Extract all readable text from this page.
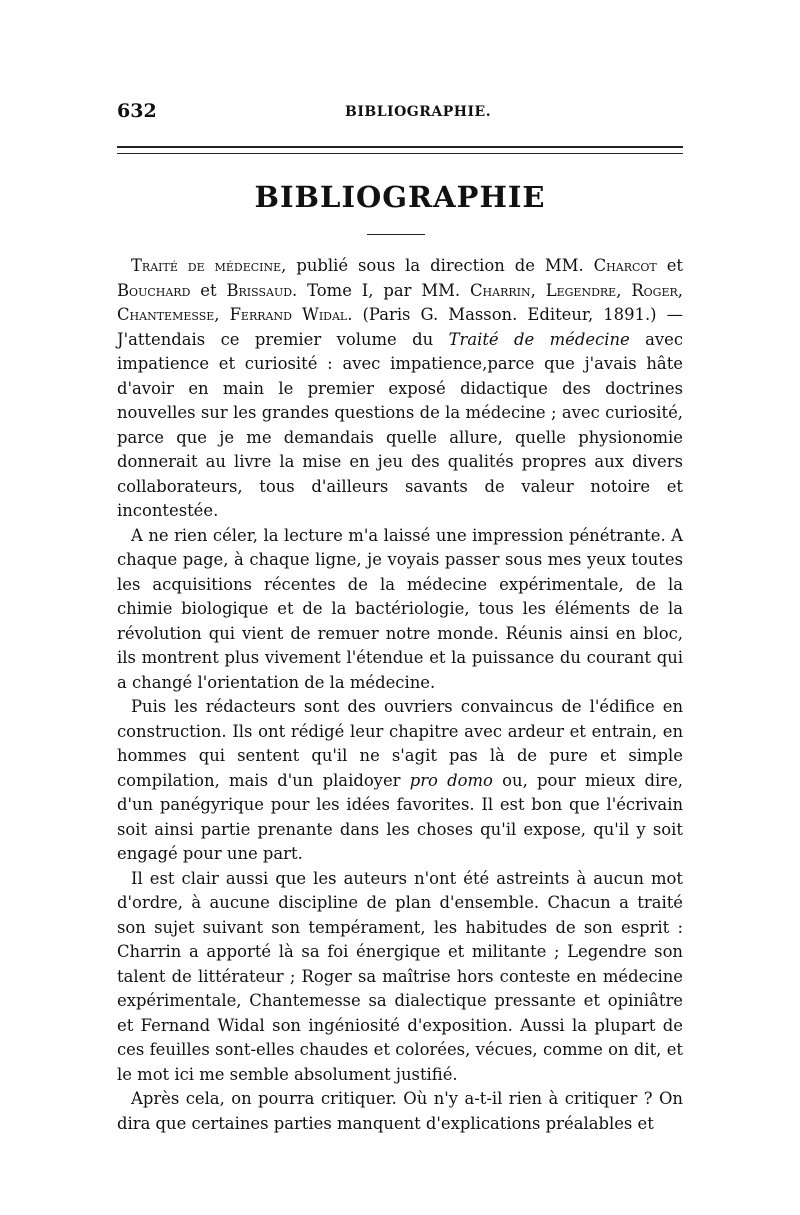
632	BIBLIOGRAPHIE.
BIBLIOGRAPHIE

Traité de médecine, publié sous la direction de MM. Charcot et Bouchard et Brissaud. Tome I, par MM. Charrin, Legendre, Roger, Chantemesse, Ferrand Widal. (Paris G. Masson. Editeur, 1891.) — J'attendais ce premier volume du Traité de médecine avec impatience et curiosité : avec impatience,parce que j'avais hâte d'avoir en main le premier exposé didactique des doctrines nouvelles sur les grandes questions de la médecine ; avec curiosité, parce que je me demandais quelle allure, quelle physionomie donnerait au livre la mise en jeu des qualités propres aux divers collaborateurs, tous d'ailleurs savants de valeur notoire et incontestée.

A ne rien céler, la lecture m'a laissé une impression pénétrante. A chaque page, à chaque ligne, je voyais passer sous mes yeux toutes les acquisitions récentes de la médecine expérimentale, de la chimie biologique et de la bactériologie, tous les éléments de la révolution qui vient de remuer notre monde. Réunis ainsi en bloc, ils montrent plus vivement l'étendue et la puissance du courant qui a changé l'orientation de la médecine.

Puis les rédacteurs sont des ouvriers convaincus de l'édifice en construction. Ils ont rédigé leur chapitre avec ardeur et entrain, en hommes qui sentent qu'il ne s'agit pas là de pure et simple compilation, mais d'un plaidoyer pro domo ou, pour mieux dire, d'un panégyrique pour les idées favorites. Il est bon que l'écrivain soit ainsi partie prenante dans les choses qu'il expose, qu'il y soit engagé pour une part.

Il est clair aussi que les auteurs n'ont été astreints à aucun mot d'ordre, à aucune discipline de plan d'ensemble. Chacun a traité son sujet suivant son tempérament, les habitudes de son esprit : Charrin a apporté là sa foi énergique et militante ; Legendre son talent de littérateur ; Roger sa maîtrise hors conteste en médecine expérimentale, Chantemesse sa dialectique pressante et opiniâtre et Fernand Widal son ingéniosité d'exposition. Aussi la plupart de ces feuilles sont-elles chaudes et colorées, vécues, comme on dit, et le mot ici me semble absolument justifié.

Après cela, on pourra critiquer. Où n'y a-t-il rien à critiquer ? On dira que certaines parties manquent d'explications préalables et
